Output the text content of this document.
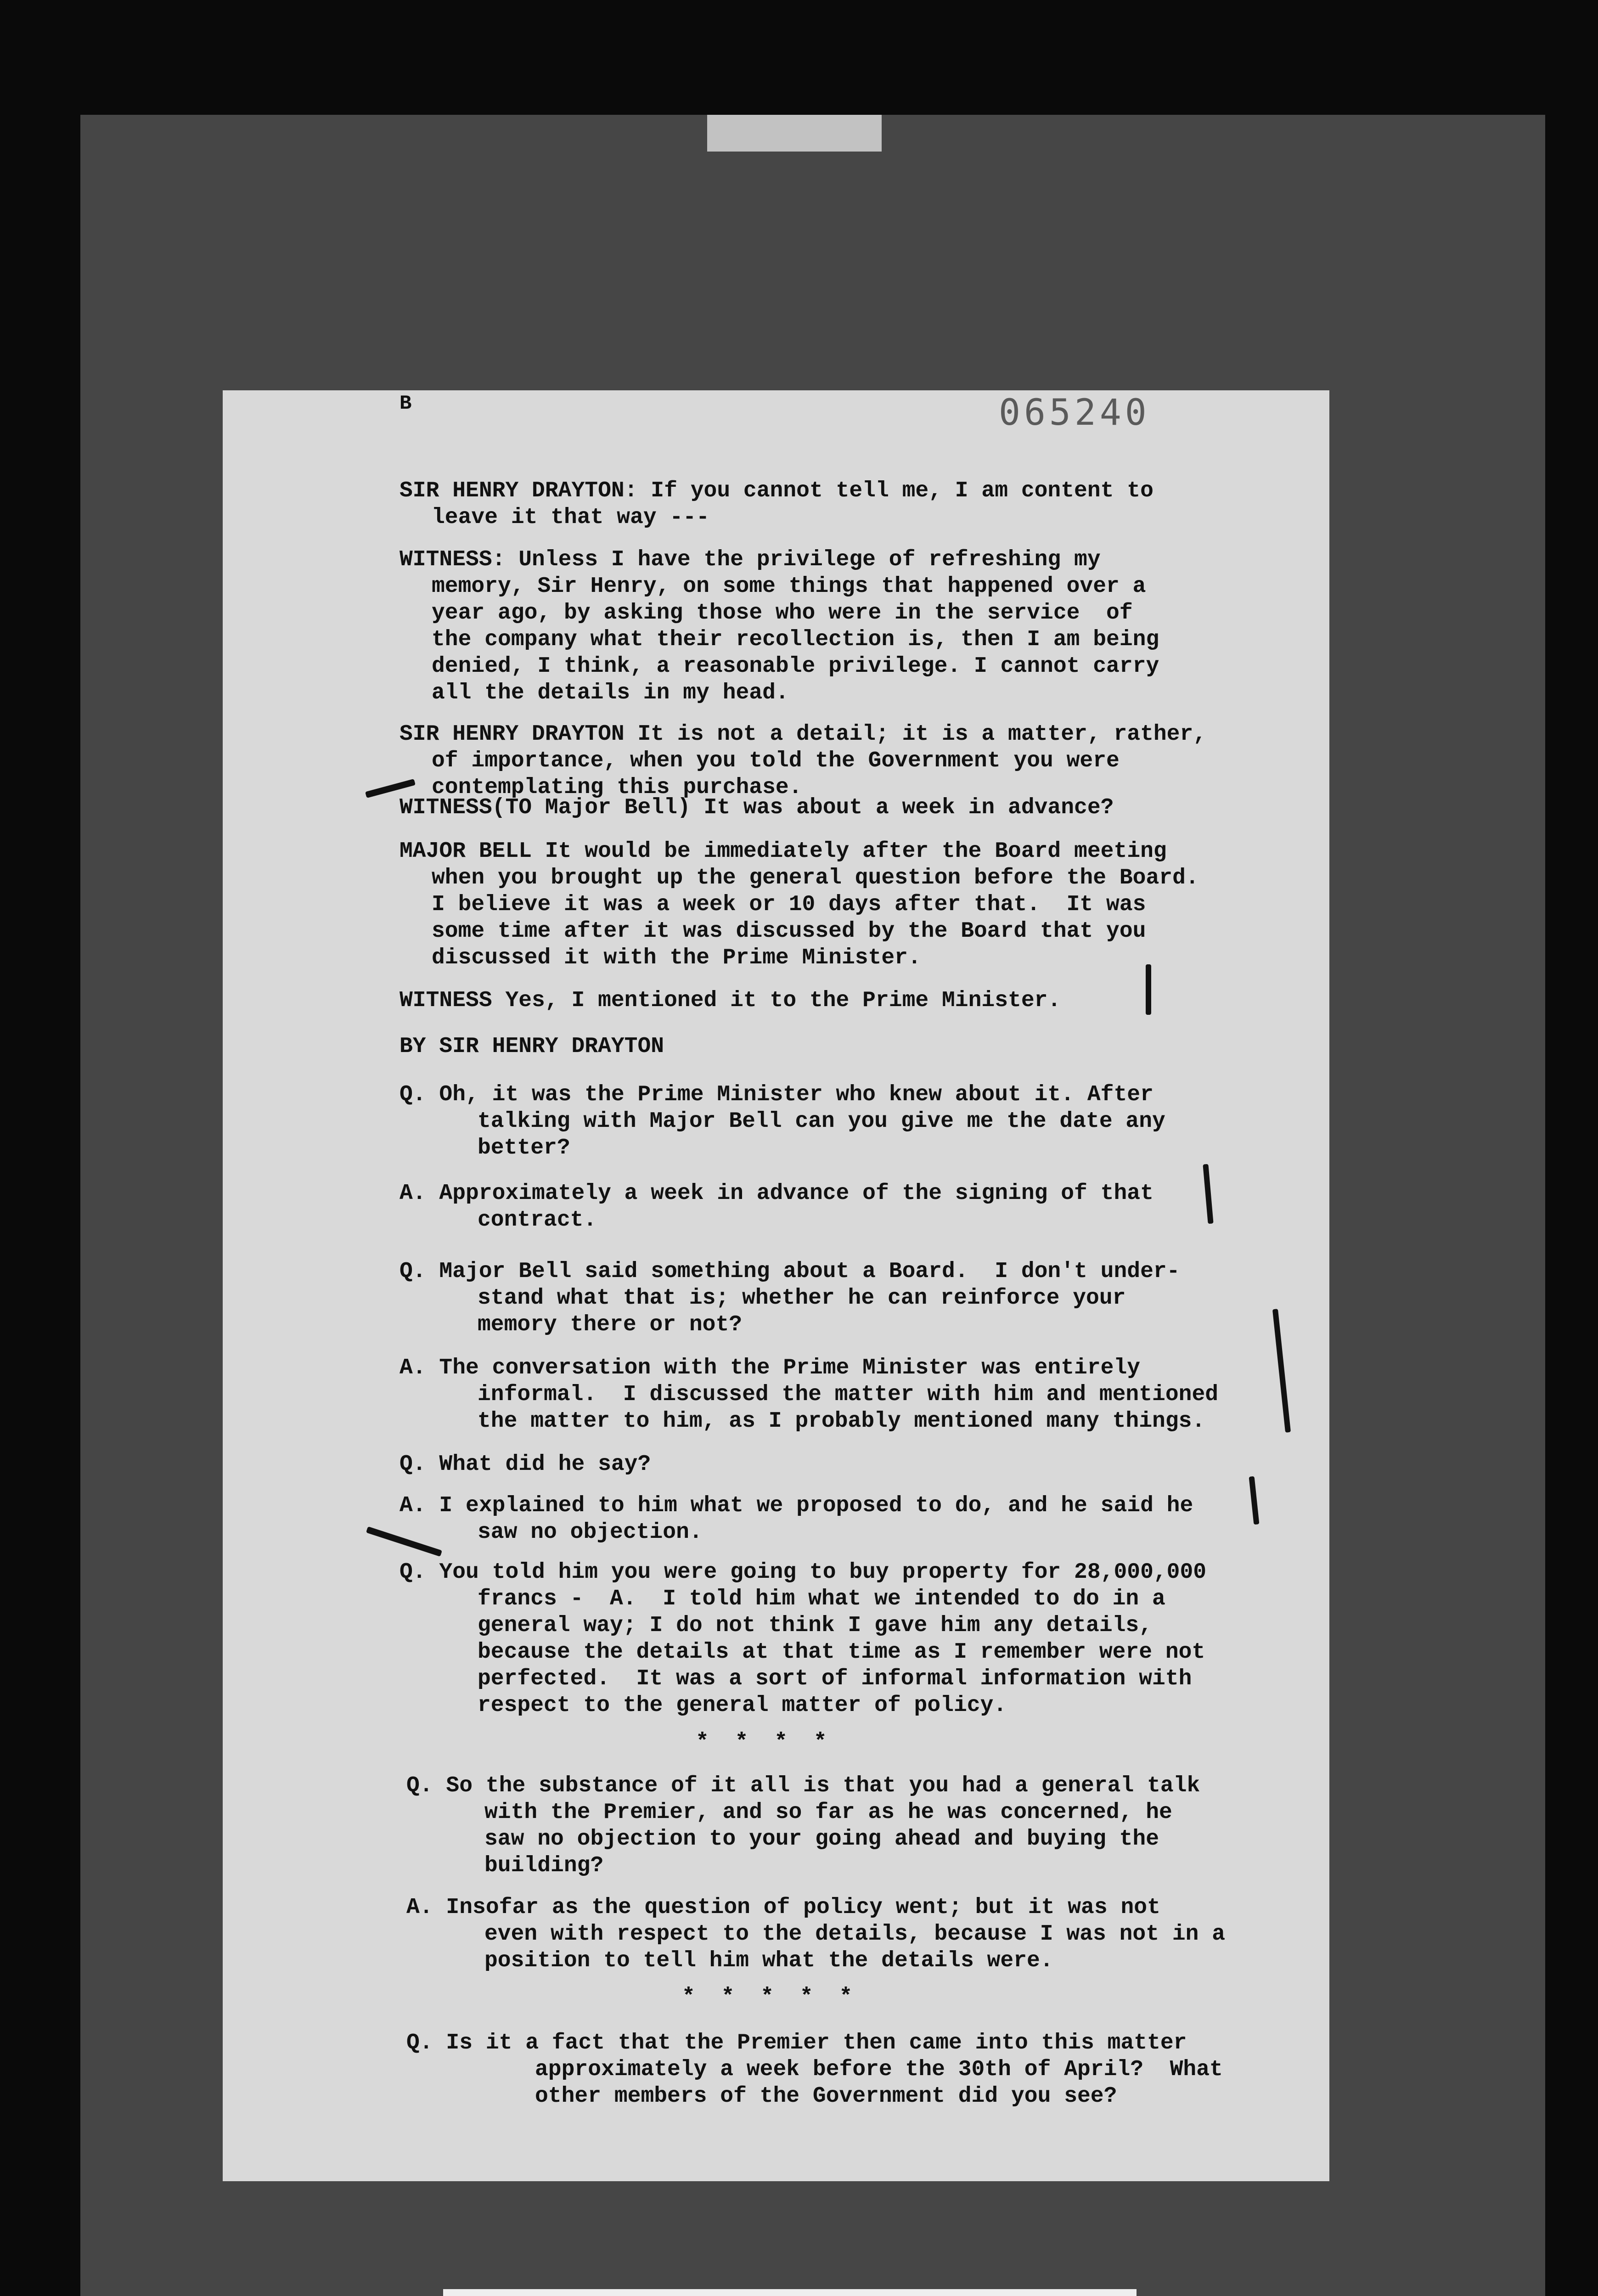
B	065240
SIR HENRY DRAYTON: If you cannot tell me, I am content to
leave it that way ---
WITNESS: Unless I have the privilege of refreshing my
memory, Sir Henry, on some things that happened over a
year ago, by asking those who were in the service  of
the company what their recollection is, then I am being
denied, I think, a reasonable privilege. I cannot carry
all the details in my head.
SIR HENRY DRAYTON It is not a detail; it is a matter, rather,
of importance, when you told the Government you were
contemplating this purchase.
WITNESS(TO Major Bell) It was about a week in advance?
MAJOR BELL It would be immediately after the Board meeting
when you brought up the general question before the Board.
I believe it was a week or 10 days after that.  It was
some time after it was discussed by the Board that you
discussed it with the Prime Minister.
WITNESS Yes, I mentioned it to the Prime Minister.
BY SIR HENRY DRAYTON
Q. Oh, it was the Prime Minister who knew about it. After
talking with Major Bell can you give me the date any
better?
A. Approximately a week in advance of the signing of that
contract.
Q. Major Bell said something about a Board.  I don't under-
stand what that is; whether he can reinforce your
memory there or not?
A. The conversation with the Prime Minister was entirely
informal.  I discussed the matter with him and mentioned
the matter to him, as I probably mentioned many things.
Q. What did he say?
A. I explained to him what we proposed to do, and he said he
saw no objection.
Q. You told him you were going to buy property for 28,000,000
francs -  A.  I told him what we intended to do in a
general way; I do not think I gave him any details,
because the details at that time as I remember were not
perfected.  It was a sort of informal information with
respect to the general matter of policy.
* * * *
Q. So the substance of it all is that you had a general talk
with the Premier, and so far as he was concerned, he
saw no objection to your going ahead and buying the
building?
A. Insofar as the question of policy went; but it was not
even with respect to the details, because I was not in a
position to tell him what the details were.
* * * * *
Q. Is it a fact that the Premier then came into this matter
approximately a week before the 30th of April?  What
other members of the Government did you see?
